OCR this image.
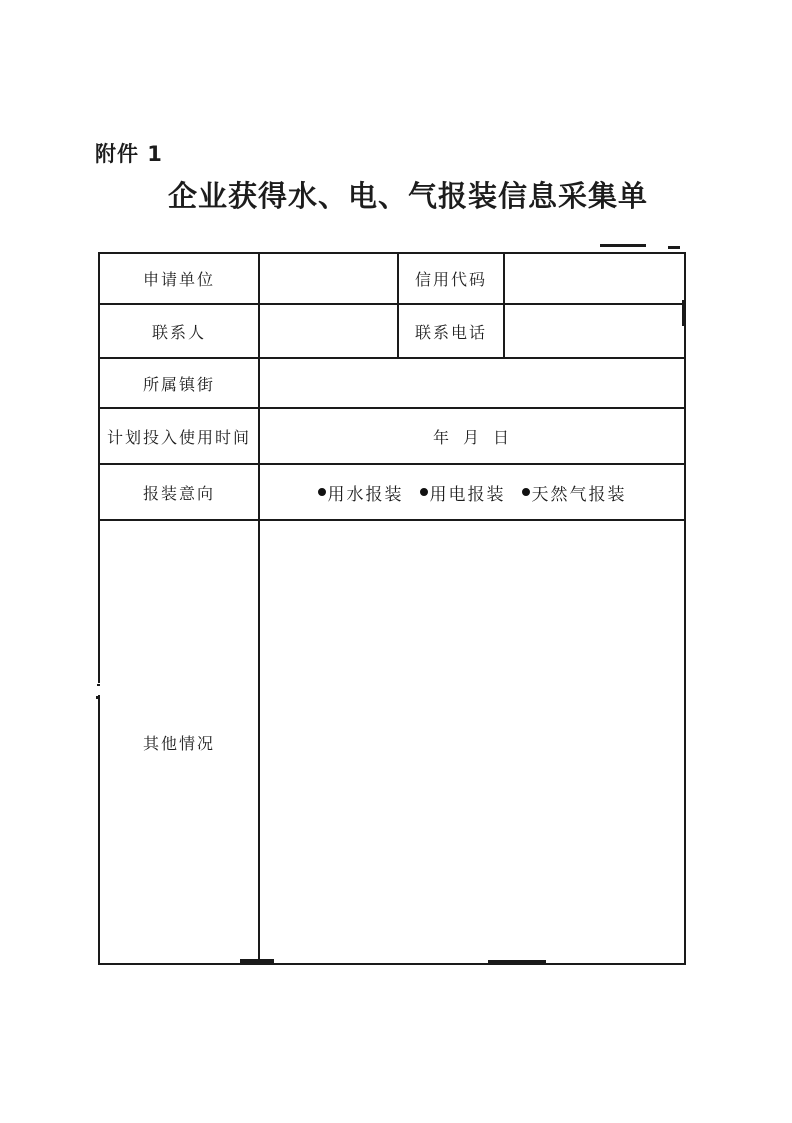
附件 1
企业获得水、电、气报装信息采集单
申请单位		信用代码	
联系人		联系电话	
所属镇街			
计划投入使用时间	年  月  日		
报装意向	用水报装 用电报装 天然气报装		

其他情况			
